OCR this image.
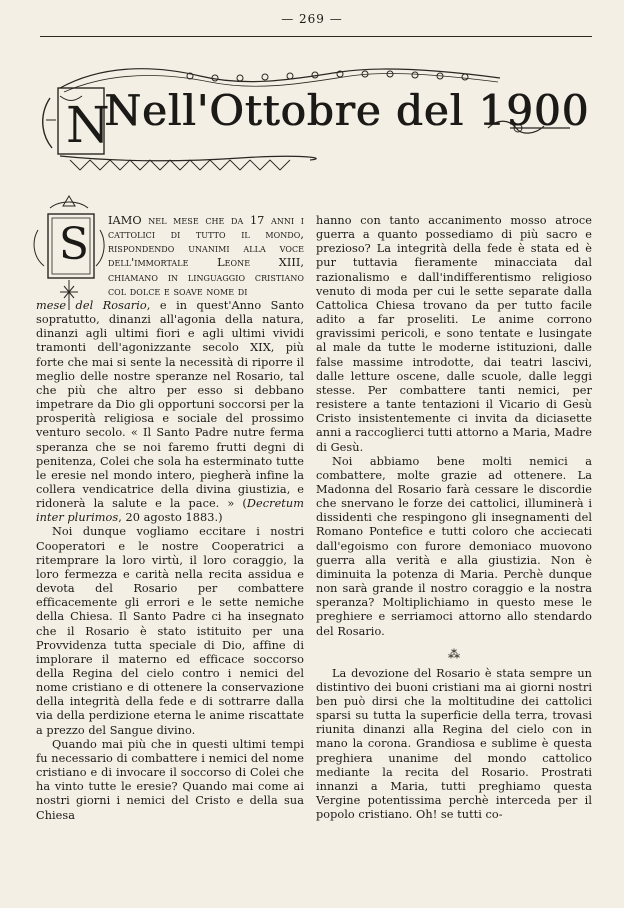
— 269 —
N
Nell'Ottobre del 1900
S	IAMO nel mese che da 17 anni i cattolici di tutto il mondo, rispondendo unanimi alla voce dell'immortale Leone XIII, chiamano in linguaggio cristiano col dolce e soave nome di

mese del Rosario, e in quest'Anno Santo sopratutto, dinanzi all'agonia della natura, dinanzi agli ultimi fiori e agli ultimi vividi tramonti dell'agonizzante secolo XIX, più forte che mai si sente la necessità di riporre il meglio delle nostre speranze nel Rosario, tal che più che altro per esso si debbano impetrare da Dio gli opportuni soccorsi per la prosperità religiosa e sociale del prossimo venturo secolo. « Il Santo Padre nutre ferma speranza che se noi faremo frutti degni di penitenza, Colei che sola ha esterminato tutte le eresie nel mondo intero, piegherà infine la collera vendicatrice della divina giustizia, e ridonerà la salute e la pace. » (Decretum inter plurimos, 20 agosto 1883.)

Noi dunque vogliamo eccitare i nostri Cooperatori e le nostre Cooperatrici a ritemprare la loro virtù, il loro coraggio, la loro fermezza e carità nella recita assidua e devota del Rosario per combattere efficacemente gli errori e le sette nemiche della Chiesa. Il Santo Padre ci ha insegnato che il Rosario è stato istituito per una Provvidenza tutta speciale di Dio, affine di implorare il materno ed efficace soccorso della Regina del cielo contro i nemici del nome cristiano e di ottenere la conservazione della integrità della fede e di sottrarre dalla via della perdizione eterna le anime riscattate a prezzo del Sangue divino.

Quando mai più che in questi ultimi tempi fu necessario di combattere i nemici del nome cristiano e di invocare il soccorso di Colei che ha vinto tutte le eresie? Quando mai come ai nostri giorni i nemici del Cristo e della sua Chiesa

hanno con tanto accanimento mosso atroce guerra a quanto possediamo di più sacro e prezioso? La integrità della fede è stata ed è pur tuttavia fieramente minacciata dal razionalismo e dall'indifferentismo religioso venuto di moda per cui le sette separate dalla Cattolica Chiesa trovano da per tutto facile adito a far proseliti. Le anime corrono gravissimi pericoli, e sono tentate e lusingate al male da tutte le moderne istituzioni, dalle false massime introdotte, dai teatri lascivi, dalle letture oscene, dalle scuole, dalle leggi stesse. Per combattere tanti nemici, per resistere a tante tentazioni il Vicario di Gesù Cristo insistentemente ci invita da diciasette anni a raccoglierci tutti attorno a Maria, Madre di Gesù.

Noi abbiamo bene molti nemici a combattere, molte grazie ad ottenere. La Madonna del Rosario farà cessare le discordie che snervano le forze dei cattolici, illuminerà i dissidenti che respingono gli insegnamenti del Romano Pontefice e tutti coloro che acciecati dall'egoismo con furore demoniaco muovono guerra alla verità e alla giustizia. Non è diminuita la potenza di Maria. Perchè dunque non sarà grande il nostro coraggio e la nostra speranza? Moltiplichiamo in questo mese le preghiere e serriamoci attorno allo stendardo del Rosario.

⁂

La devozione del Rosario è stata sempre un distintivo dei buoni cristiani ma ai giorni nostri ben può dirsi che la moltitudine dei cattolici sparsi su tutta la superficie della terra, trovasi riunita dinanzi alla Regina del cielo con in mano la corona. Grandiosa e sublime è questa preghiera unanime del mondo cattolico mediante la recita del Rosario. Prostrati innanzi a Maria, tutti preghiamo questa Vergine potentissima perchè interceda per il popolo cristiano. Oh! se tutti co-
